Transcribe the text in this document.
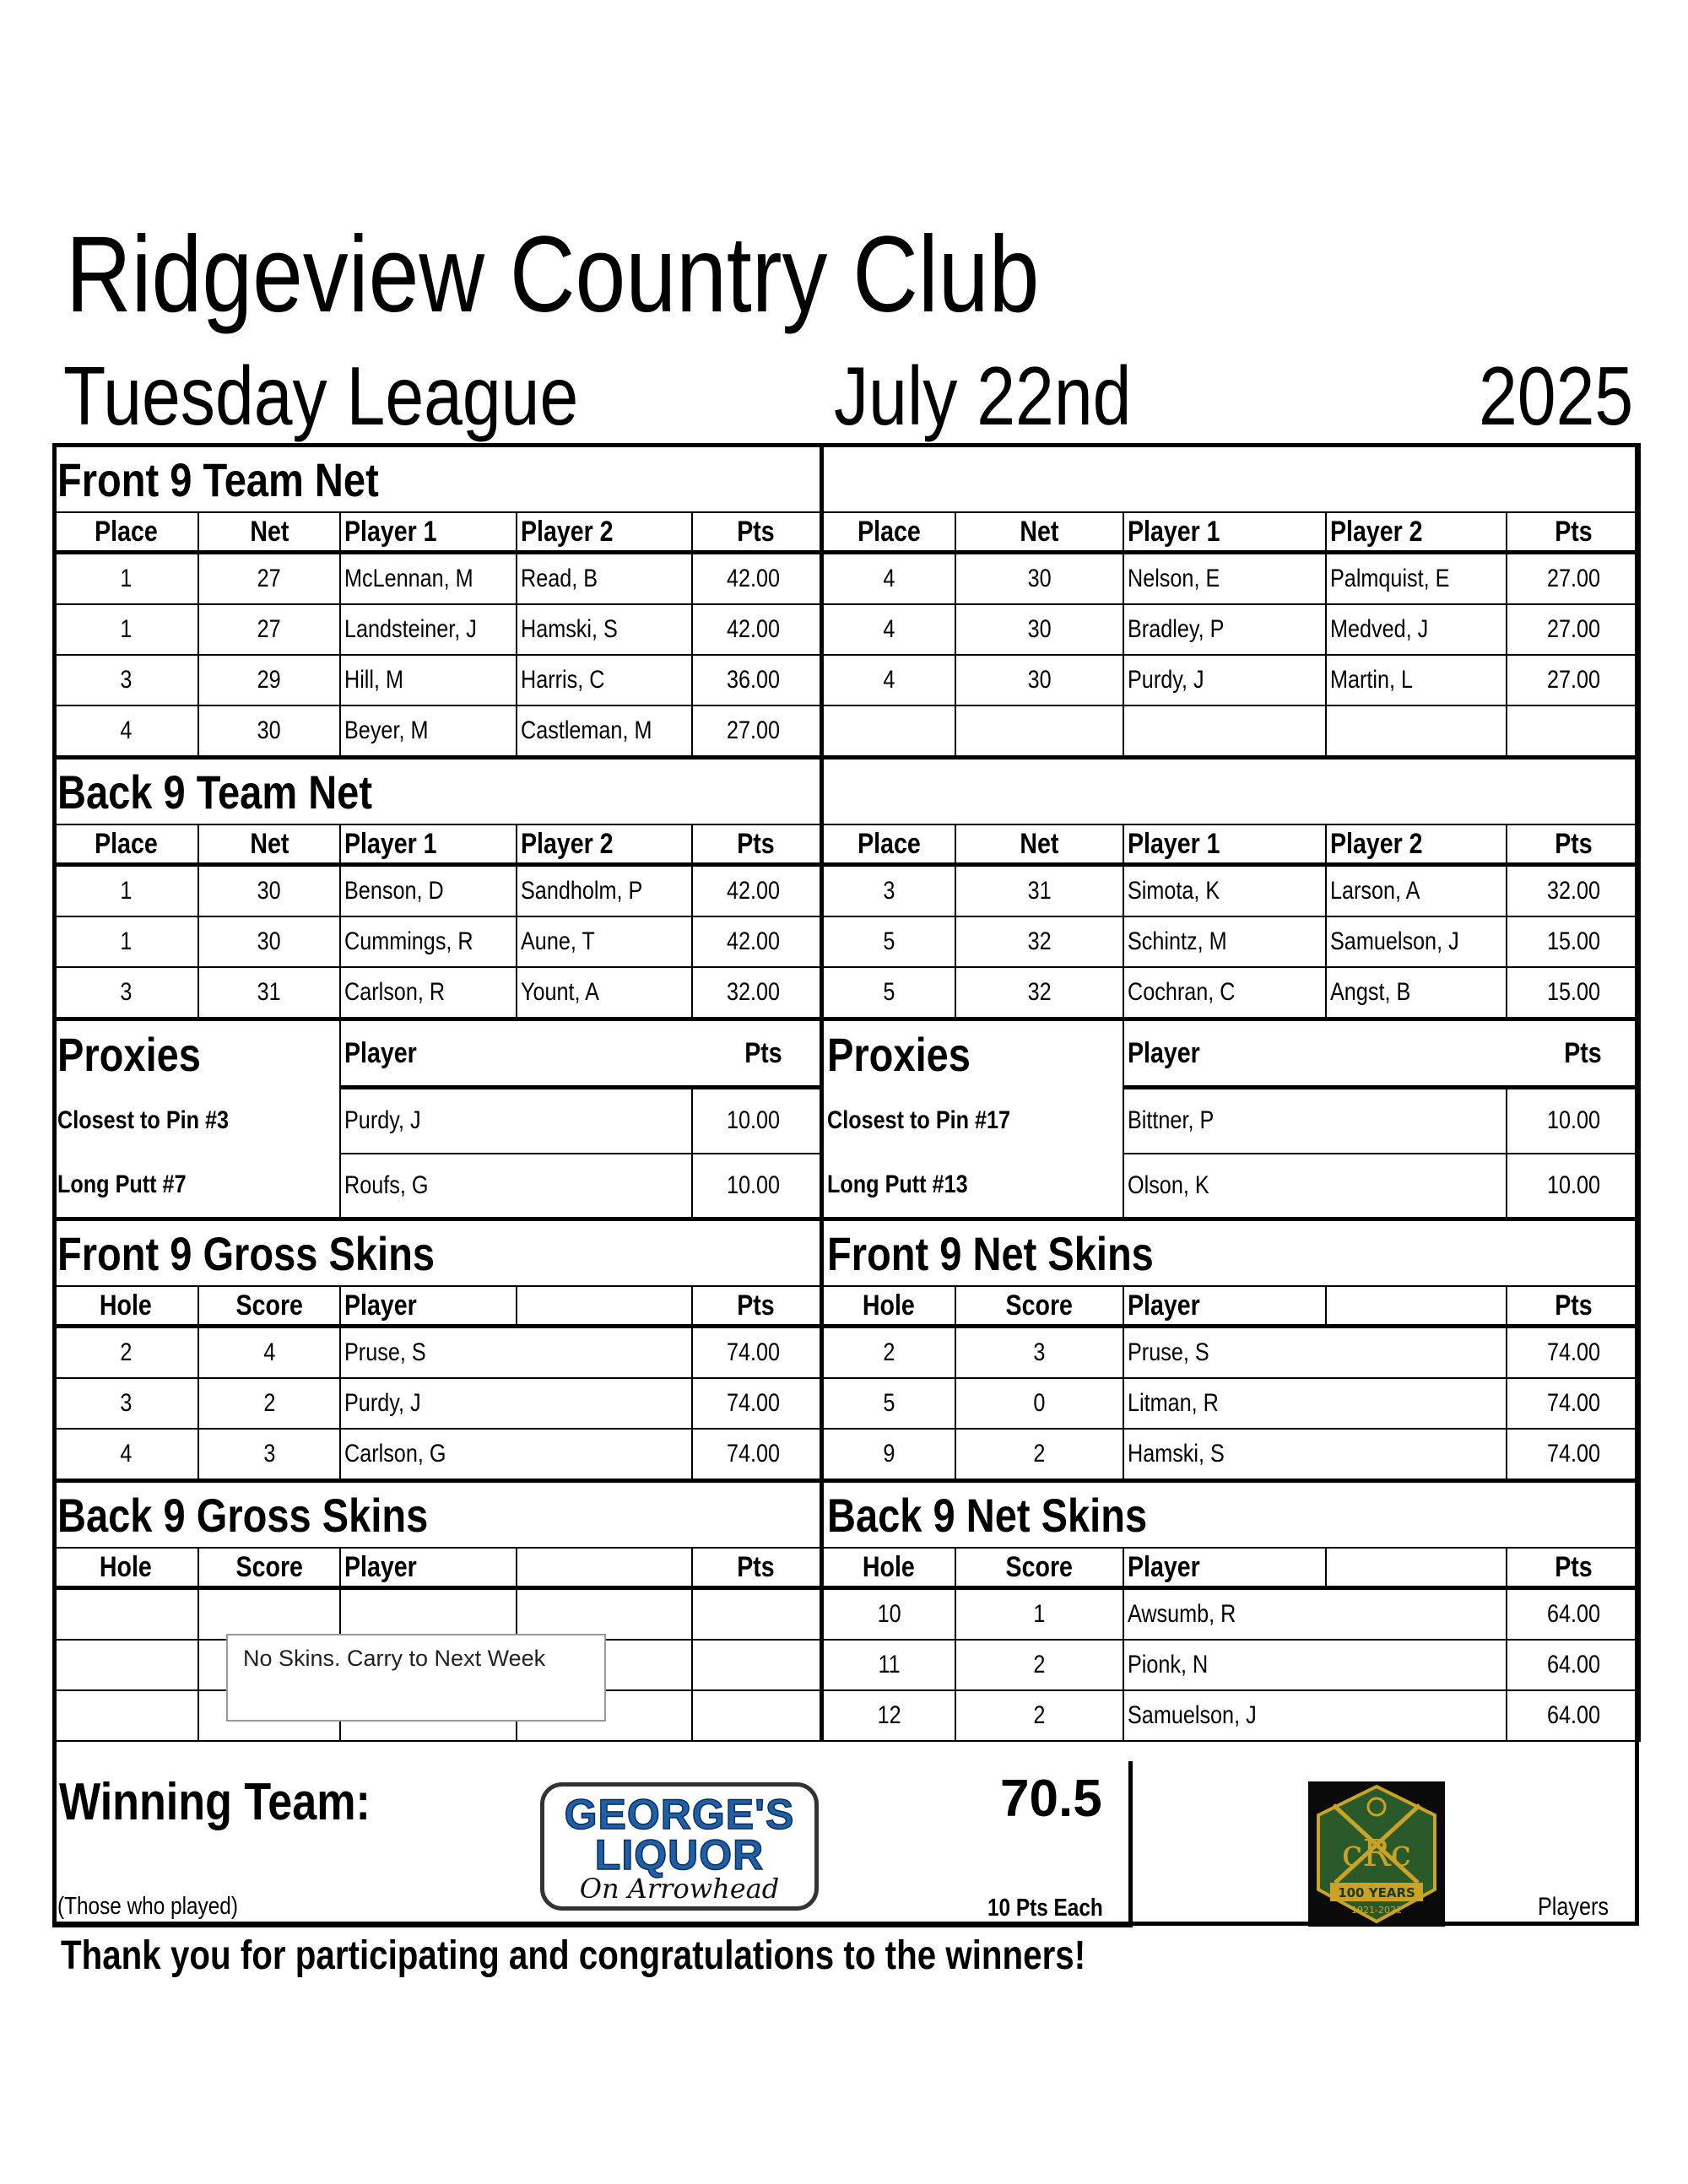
Ridgeview Country Club
Tuesday League	July 22nd	2025
Front 9 Team Net									
Place	Net	Player 1	Player 2	Pts	Place	Net	Player 1	Player 2	Pts
1	27	McLennan, M	Read, B	42.00	4	30	Nelson, E	Palmquist, E	27.00
1	27	Landsteiner, J	Hamski, S	42.00	4	30	Bradley, P	Medved, J	27.00
3	29	Hill, M	Harris, C	36.00	4	30	Purdy, J	Martin, L	27.00
4	30	Beyer, M	Castleman, M	27.00					
Back 9 Team Net									
Place	Net	Player 1	Player 2	Pts	Place	Net	Player 1	Player 2	Pts
1	30	Benson, D	Sandholm, P	42.00	3	31	Simota, K	Larson, A	32.00
1	30	Cummings, R	Aune, T	42.00	5	32	Schintz, M	Samuelson, J	15.00
3	31	Carlson, R	Yount, A	32.00	5	32	Cochran, C	Angst, B	15.00
Proxies		Player		Pts	Proxies		Player		Pts
Closest to Pin #3		Purdy, J		10.00	Closest to Pin #17		Bittner, P		10.00
Long Putt #7		Roufs, G		10.00	Long Putt #13		Olson, K		10.00
Front 9 Gross Skins					Front 9 Net Skins				
Hole	Score	Player		Pts	Hole	Score	Player		Pts
2	4	Pruse, S		74.00	2	3	Pruse, S		74.00
3	2	Purdy, J		74.00	5	0	Litman, R		74.00
4	3	Carlson, G		74.00	9	2	Hamski, S		74.00
Back 9 Gross Skins					Back 9 Net Skins				
Hole	Score	Player		Pts	Hole	Score	Player		Pts
					10	1	Awsumb, R		64.00
					11	2	Pionk, N		64.00
					12	2	Samuelson, J		64.00
No Skins. Carry to Next Week
Winning Team:
(Those who played)
70.5
10 Pts Each	Players
GEORGE'S
LIQUOR
On Arrowhead
cRc
100 YEARS
1921-2021
Thank you for participating and congratulations to the winners!
